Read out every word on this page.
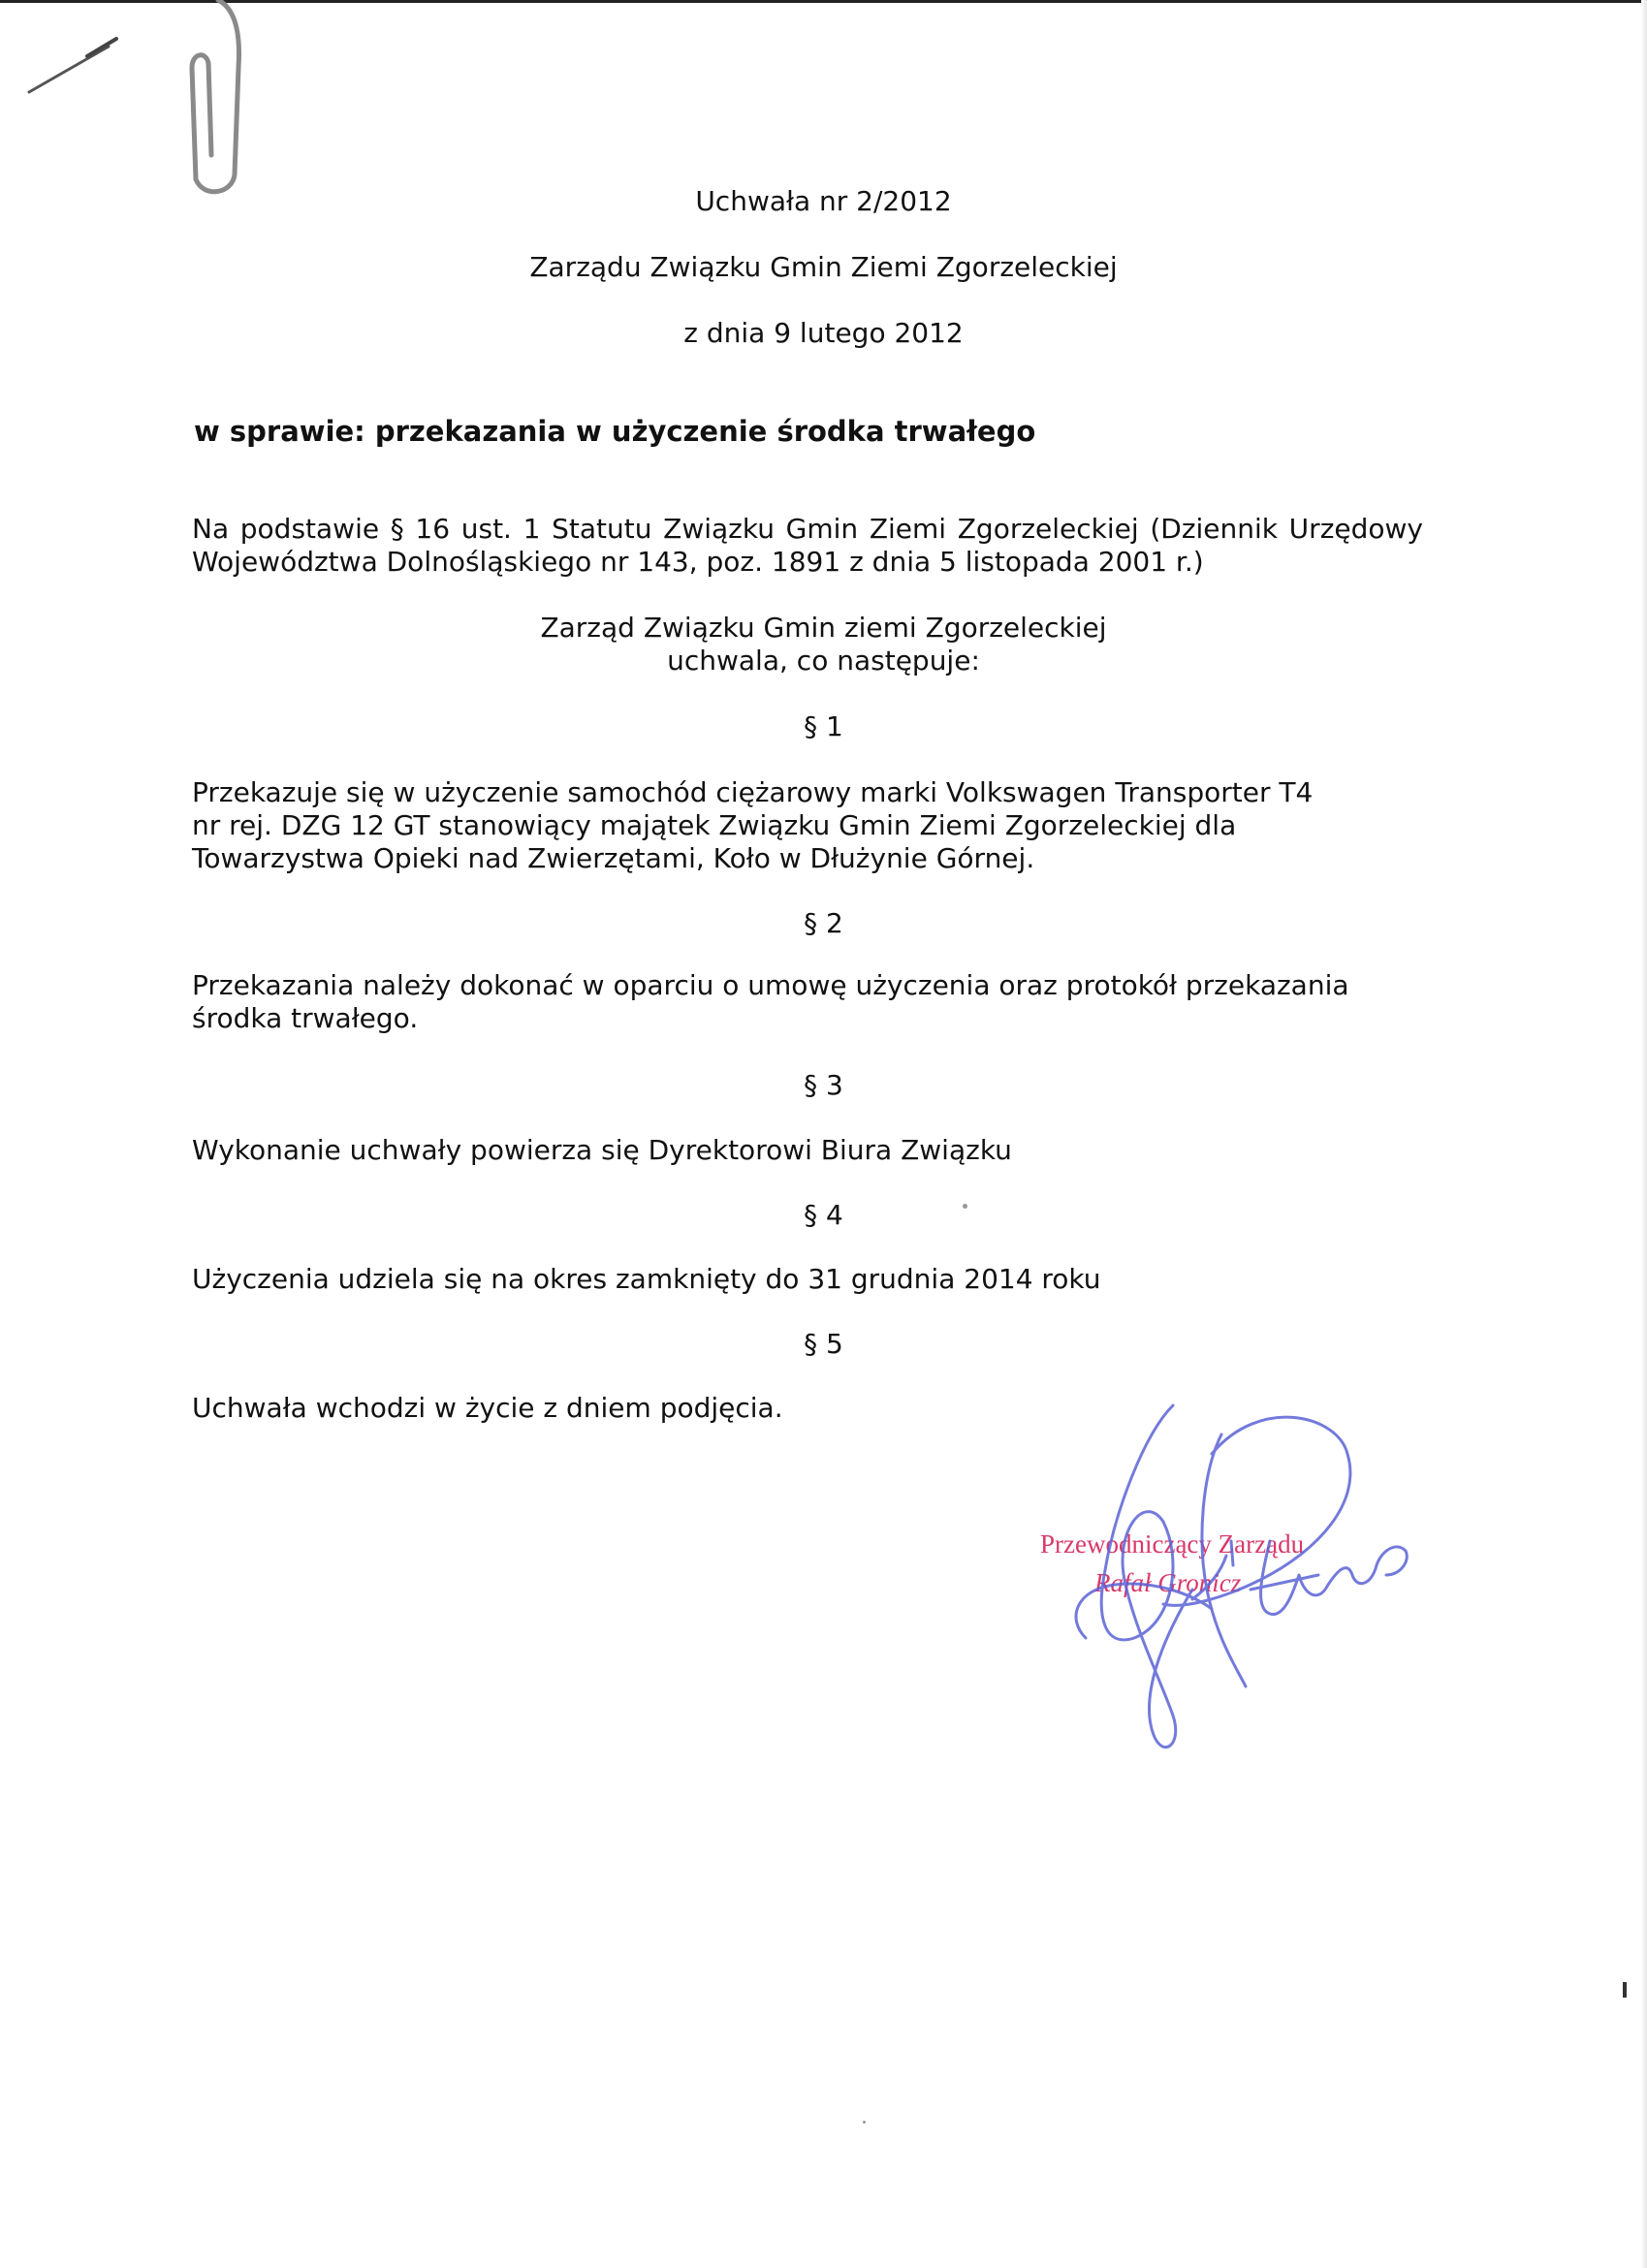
Uchwała nr 2/2012
Zarządu Związku Gmin Ziemi Zgorzeleckiej
z dnia 9 lutego 2012
w sprawie: przekazania w użyczenie środka trwałego
Na podstawie § 16 ust. 1 Statutu Związku Gmin Ziemi Zgorzeleckiej (Dziennik Urzędowy
Województwa Dolnośląskiego nr 143, poz. 1891 z dnia 5 listopada 2001 r.)
Zarząd Związku Gmin ziemi Zgorzeleckiej
uchwala, co następuje:
§ 1
Przekazuje się w użyczenie samochód ciężarowy marki Volkswagen Transporter T4
nr rej. DZG 12 GT stanowiący majątek Związku Gmin Ziemi Zgorzeleckiej dla
Towarzystwa Opieki nad Zwierzętami, Koło w Dłużynie Górnej.
§ 2
Przekazania należy dokonać w oparciu o umowę użyczenia oraz protokół przekazania
środka trwałego.
§ 3
Wykonanie uchwały powierza się Dyrektorowi Biura Związku
§ 4
Użyczenia udziela się na okres zamknięty do 31 grudnia 2014 roku
§ 5
Uchwała wchodzi w życie z dniem podjęcia.
Przewodniczący Zarządu
Rafał Gronicz
